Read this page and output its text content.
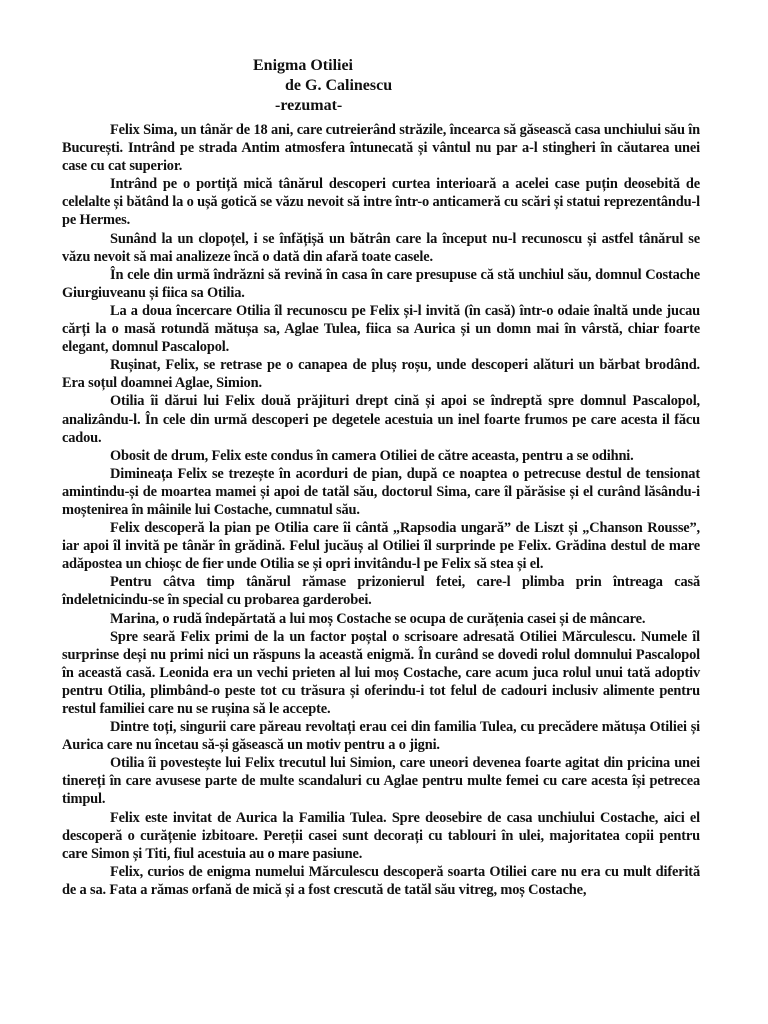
Enigma Otiliei
de G. Calinescu
-rezumat-

Felix Sima, un tânăr de 18 ani, care cutreierând străzile, încearca să găsească casa unchiului său în București. Intrând pe strada Antim atmosfera întunecată și vântul nu par a-l stingheri în căutarea unei case cu cat superior.

Intrând pe o portiță mică tânărul descoperi curtea interioară a acelei case puțin deosebită de celelalte și bătând la o ușă gotică se văzu nevoit să intre într-o anticameră cu scări și statui reprezentându-l pe Hermes.

Sunând la un clopoțel, i se înfățișă un bătrân care la început nu-l recunoscu și astfel tânărul se văzu nevoit să mai analizeze încă o dată din afară toate casele.

În cele din urmă îndrăzni să revină în casa în care presupuse că stă unchiul său, domnul Costache Giurgiuveanu și fiica sa Otilia.

La a doua încercare Otilia îl recunoscu pe Felix și-l invită (în casă) într-o odaie înaltă unde jucau cărți la o masă rotundă mătușa sa, Aglae Tulea, fiica sa Aurica și un domn mai în vârstă, chiar foarte elegant, domnul Pascalopol.

Rușinat, Felix, se retrase pe o canapea de pluș roșu, unde descoperi alături un bărbat brodând. Era soțul doamnei Aglae, Simion.

Otilia îi dărui lui Felix două prăjituri drept cină și apoi se îndreptă spre domnul Pascalopol, analizându-l. În cele din urmă descoperi pe degetele acestuia un inel foarte frumos pe care acesta il făcu cadou.

Obosit de drum, Felix este condus în camera Otiliei de către aceasta, pentru a se odihni.

Dimineața Felix se trezește în acorduri de pian, după ce noaptea o petrecuse destul de tensionat amintindu-și de moartea mamei și apoi de tatăl său, doctorul Sima, care îl părăsise și el curând lăsându-i moștenirea în mâinile lui Costache, cumnatul său.

Felix descoperă la pian pe Otilia care îi cântă „Rapsodia ungară” de Liszt și „Chanson Rousse”, iar apoi îl invită pe tânăr în grădină. Felul jucăuș al Otiliei îl surprinde pe Felix. Grădina destul de mare adăpostea un chioșc de fier unde Otilia se și opri invitându-l pe Felix să stea și el.

Pentru câtva timp tânărul rămase prizonierul fetei, care-l plimba prin întreaga casă îndeletnicindu-se în special cu probarea garderobei.

Marina, o rudă îndepărtată a lui moș Costache se ocupa de curățenia casei și de mâncare.

Spre seară Felix primi de la un factor poștal o scrisoare adresată Otiliei Mărculescu. Numele îl surprinse deși nu primi nici un răspuns la această enigmă. În curând se dovedi rolul domnului Pascalopol în această casă. Leonida era un vechi prieten al lui moș Costache, care acum juca rolul unui tată adoptiv pentru Otilia, plimbând-o peste tot cu trăsura și oferindu-i tot felul de cadouri inclusiv alimente pentru restul familiei care nu se rușina să le accepte.

Dintre toți, singurii care păreau revoltați erau cei din familia Tulea, cu precădere mătușa Otiliei și Aurica care nu încetau să-și găsească un motiv pentru a o jigni.

Otilia îi povestește lui Felix trecutul lui Simion, care uneori devenea foarte agitat din pricina unei tinereți în care avusese parte de multe scandaluri cu Aglae pentru multe femei cu care acesta își petrecea timpul.

Felix este invitat de Aurica la Familia Tulea. Spre deosebire de casa unchiului Costache, aici el descoperă o curățenie izbitoare. Pereții casei sunt decorați cu tablouri în ulei, majoritatea copii pentru care Simon și Titi, fiul acestuia au o mare pasiune.

Felix, curios de enigma numelui Mărculescu descoperă soarta Otiliei care nu era cu mult diferită de a sa. Fata a rămas orfană de mică și a fost crescută de tatăl său vitreg, moș Costache,
